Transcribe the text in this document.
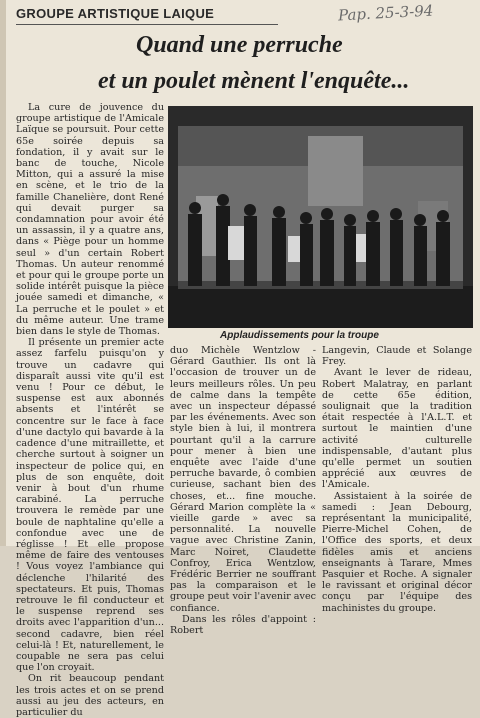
GROUPE ARTISTIQUE LAIQUE	Pap. 25-3-94
Quand une perruche
et un poulet mènent l'enquête...

La cure de jouvence du groupe artistique de l'Amicale Laïque se poursuit. Pour cette 65e soirée depuis sa fondation, il y avait sur le banc de touche, Nicole Mitton, qui a assuré la mise en scène, et le trio de la famille Chanelière, dont René qui devait purger sa condamnation pour avoir été un assassin, il y a quatre ans, dans « Piège pour un homme seul » d'un certain Robert Thomas. Un auteur renommé et pour qui le groupe porte un solide intérêt puisque la pièce jouée samedi et dimanche, « La perruche et le poulet » et du même auteur. Une trame bien dans le style de Thomas.

Il présente un premier acte assez farfelu puisqu'on y trouve un cadavre qui disparaît aussi vite qu'il est venu ! Pour ce début, le suspense est aux abonnés absents et l'intérêt se concentre sur le face à face d'une dactylo qui bavarde à la cadence d'une mitraillette, et cherche surtout à soigner un inspecteur de police qui, en plus de son enquête, doit venir à bout d'un rhume carabiné. La perruche trouvera le remède par une boule de naphtaline qu'elle a confondue avec une de réglisse ! Et elle propose même de faire des ventouses ! Vous voyez l'ambiance qui déclenche l'hilarité des spectateurs. Et puis, Thomas retrouve le fil conducteur et le suspense reprend ses droits avec l'apparition d'un... second cadavre, bien réel celui-là ! Et, naturellement, le coupable ne sera pas celui que l'on croyait.

On rit beaucoup pendant les trois actes et on se prend aussi au jeu des acteurs, en particulier du

Applaudissements pour la troupe

duo Michèle Wentzlow - Gérard Gauthier. Ils ont là l'occasion de trouver un de leurs meilleurs rôles. Un peu de calme dans la tempête avec un inspecteur dépassé par les événements. Avec son style bien à lui, il montrera pourtant qu'il a la carrure pour mener à bien une enquête avec l'aide d'une perruche bavarde, ô combien curieuse, sachant bien des choses, et... fine mouche. Gérard Marion complète la « vieille garde » avec sa personnalité. La nouvelle vague avec Christine Zanin, Marc Noiret, Claudette Confroy, Erica Wentzlow, Frédéric Berrier ne souffrant pas la comparaison et le groupe peut voir l'avenir avec confiance.

Dans les rôles d'appoint : Robert

Langevin, Claude et Solange Frey.

Avant le lever de rideau, Robert Malatray, en parlant de cette 65e édition, soulignait que la tradition était respectée à l'A.L.T. et surtout le maintien d'une activité culturelle indispensable, d'autant plus qu'elle permet un soutien apprécié aux œuvres de l'Amicale.

Assistaient à la soirée de samedi : Jean Debourg, représentant la municipalité, Pierre-Michel Cohen, de l'Office des sports, et deux fidèles amis et anciens enseignants à Tarare, Mmes Pasquier et Roche. A signaler le ravissant et original décor conçu par l'équipe des machinistes du groupe.
